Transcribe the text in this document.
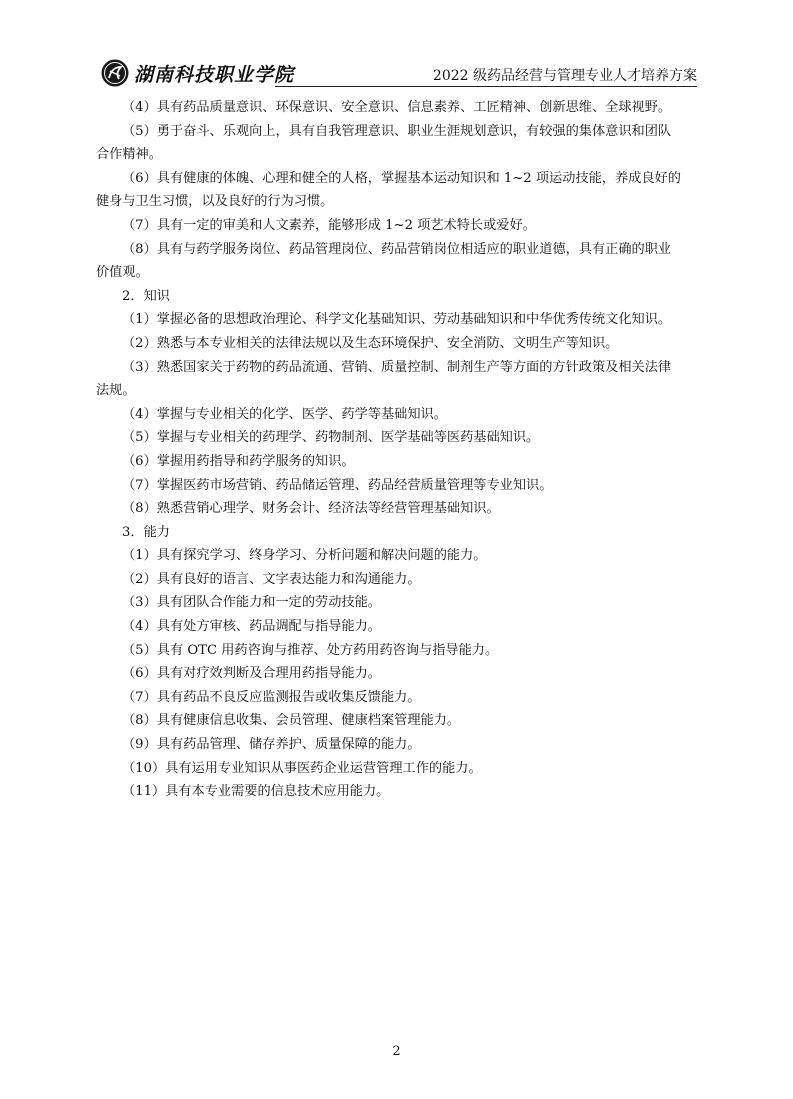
湖南科技职业学院	2022 级药品经营与管理专业人才培养方案
（4）具有药品质量意识、环保意识、安全意识、信息素养、工匠精神、创新思维、全球视野。
（5）勇于奋斗、乐观向上，具有自我管理意识、职业生涯规划意识，有较强的集体意识和团队
合作精神。
（6）具有健康的体魄、心理和健全的人格，掌握基本运动知识和 1~2 项运动技能，养成良好的
健身与卫生习惯，以及良好的行为习惯。
（7）具有一定的审美和人文素养，能够形成 1~2 项艺术特长或爱好。
（8）具有与药学服务岗位、药品管理岗位、药品营销岗位相适应的职业道德，具有正确的职业
价值观。
2．知识
（1）掌握必备的思想政治理论、科学文化基础知识、劳动基础知识和中华优秀传统文化知识。
（2）熟悉与本专业相关的法律法规以及生态环境保护、安全消防、文明生产等知识。
（3）熟悉国家关于药物的药品流通、营销、质量控制、制剂生产等方面的方针政策及相关法律
法规。
（4）掌握与专业相关的化学、医学、药学等基础知识。
（5）掌握与专业相关的药理学、药物制剂、医学基础等医药基础知识。
（6）掌握用药指导和药学服务的知识。
（7）掌握医药市场营销、药品储运管理、药品经营质量管理等专业知识。
（8）熟悉营销心理学、财务会计、经济法等经营管理基础知识。
3．能力
（1）具有探究学习、终身学习、分析问题和解决问题的能力。
（2）具有良好的语言、文字表达能力和沟通能力。
（3）具有团队合作能力和一定的劳动技能。
（4）具有处方审核、药品调配与指导能力。
（5）具有 OTC 用药咨询与推荐、处方药用药咨询与指导能力。
（6）具有对疗效判断及合理用药指导能力。
（7）具有药品不良反应监测报告或收集反馈能力。
（8）具有健康信息收集、会员管理、健康档案管理能力。
（9）具有药品管理、储存养护、质量保障的能力。
（10）具有运用专业知识从事医药企业运营管理工作的能力。
（11）具有本专业需要的信息技术应用能力。
2
